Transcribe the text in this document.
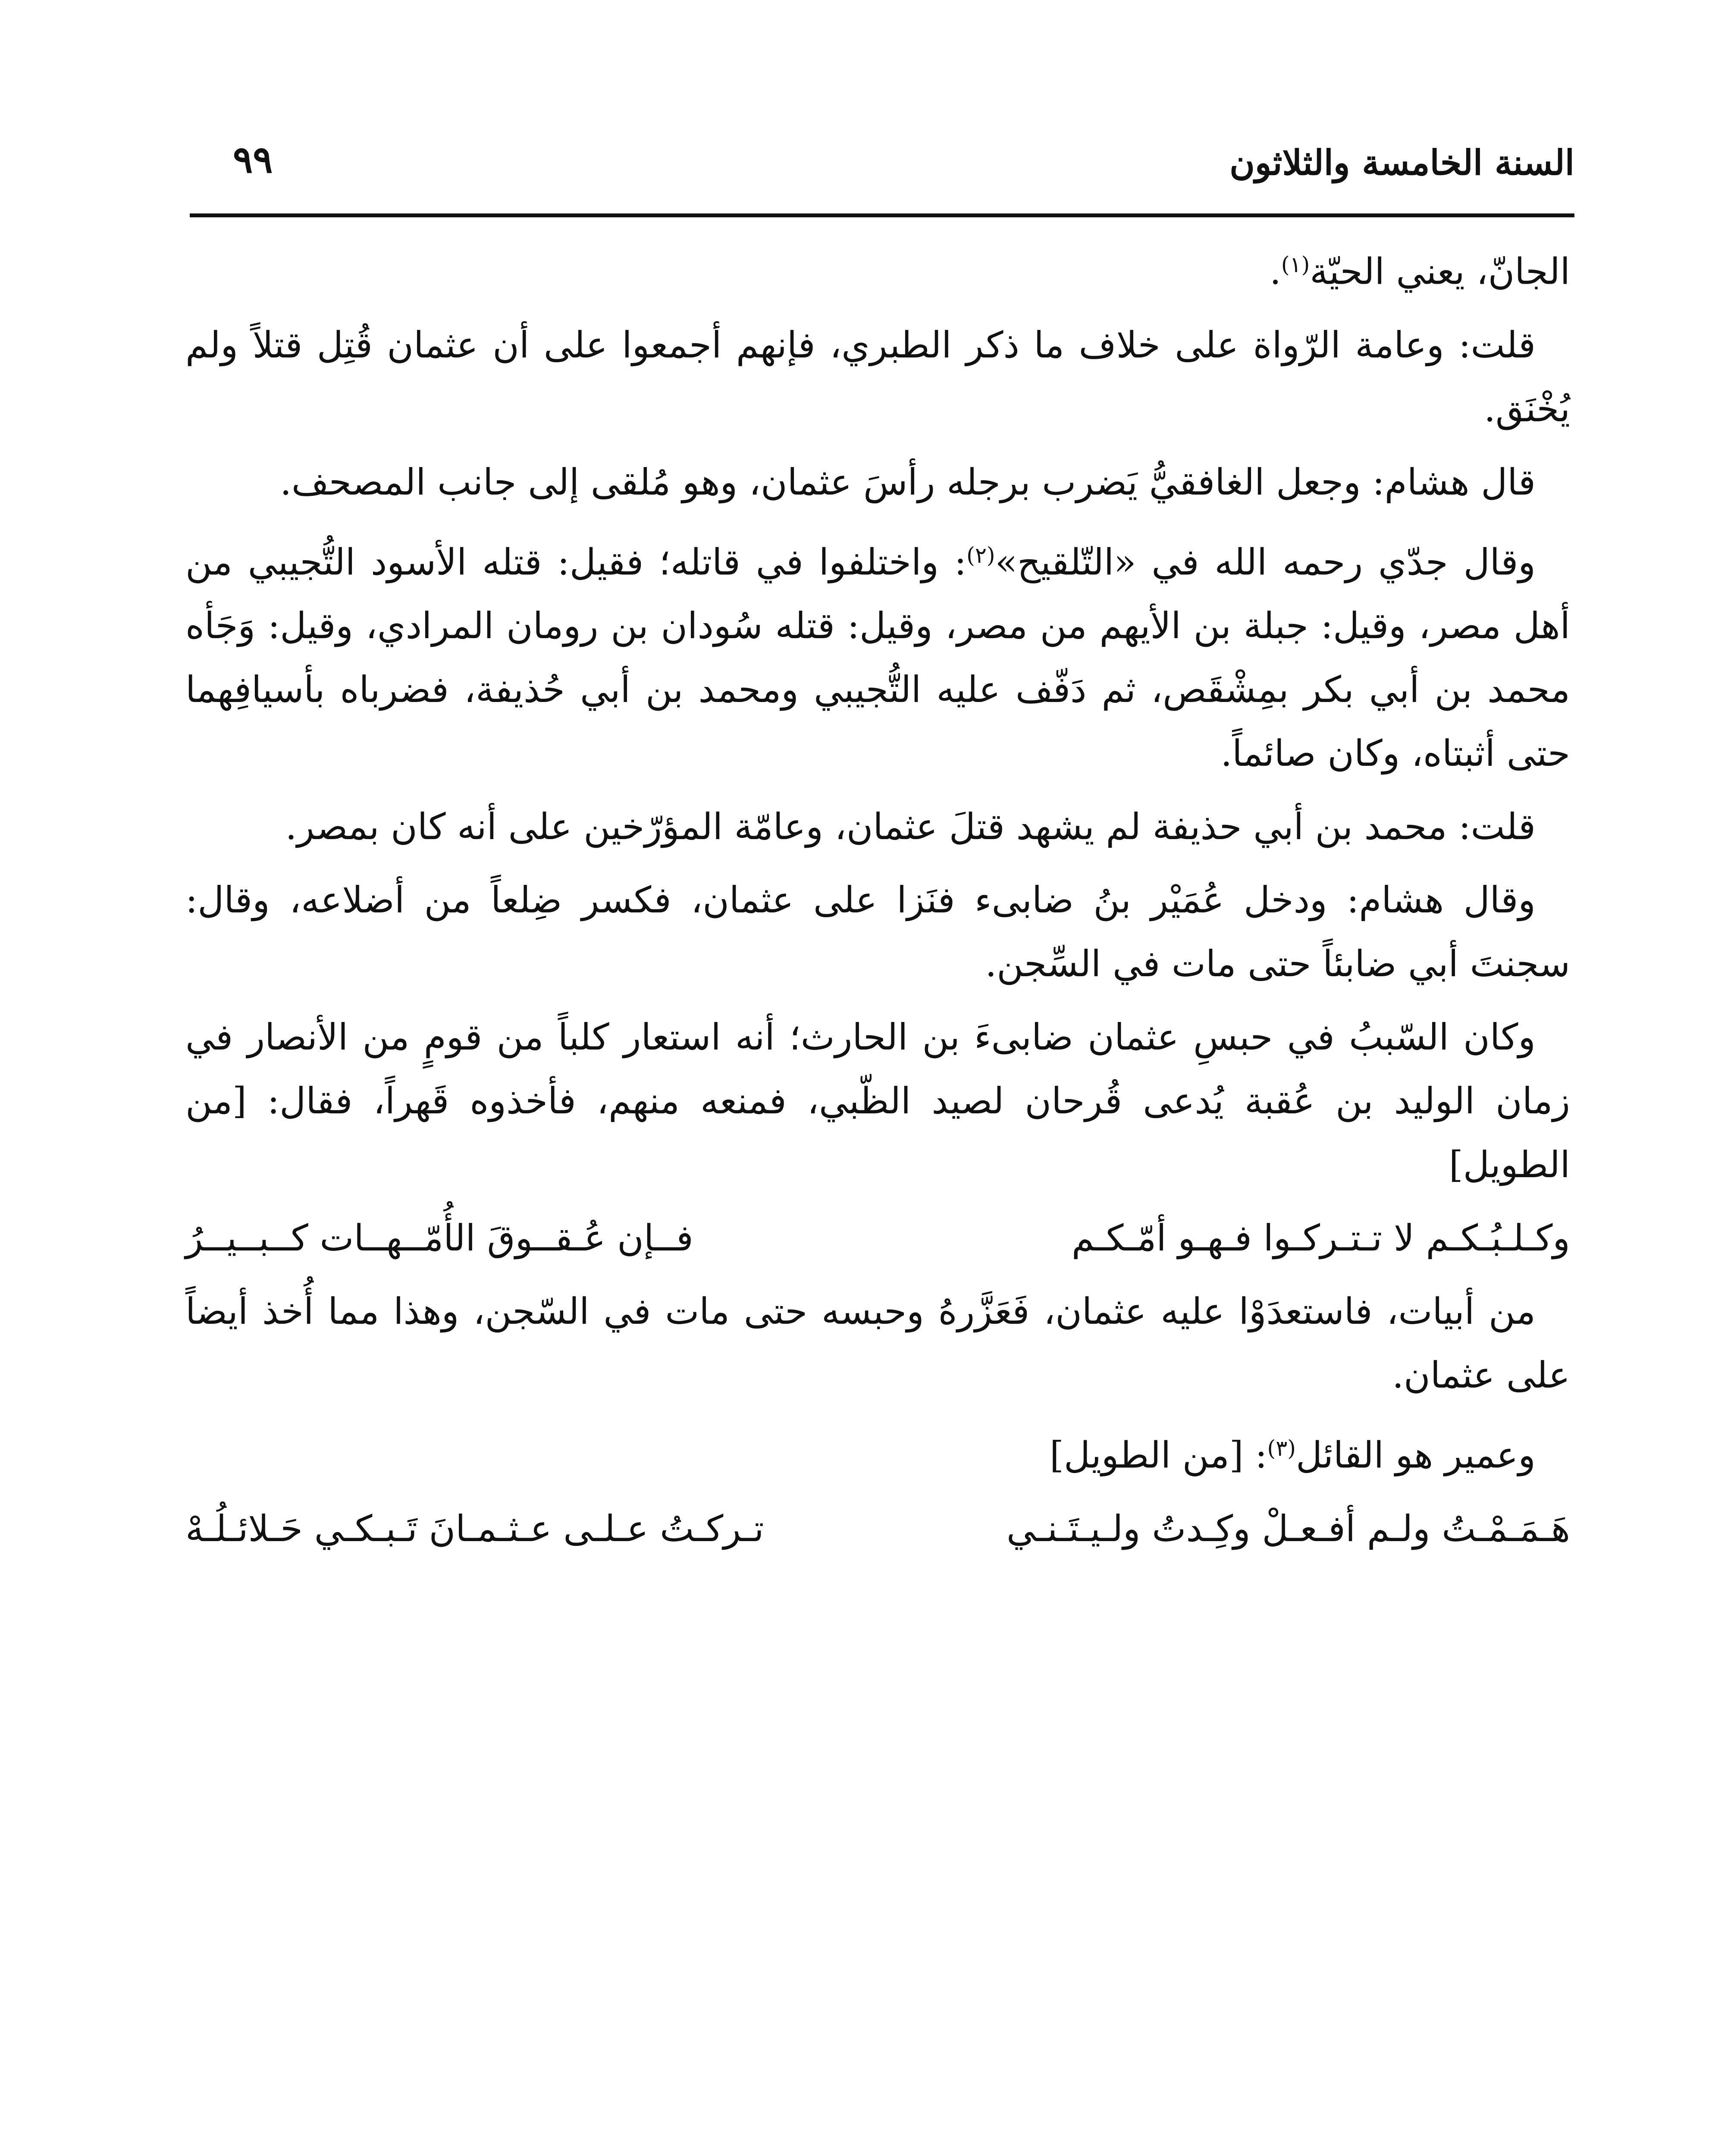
السنة الخامسة والثلاثون
٩٩

الجانّ، يعني الحيّة$^{(١)}$.

قلت: وعامة الرّواة على خلاف ما ذكر الطبري، فإنهم أجمعوا على أن عثمان قُتِل قتلاً ولم يُخْنَق.

قال هشام: وجعل الغافقيُّ يَضرب برجله رأسَ عثمان، وهو مُلقى إلى جانب المصحف.

وقال جدّي رحمه الله في «التّلقيح»$^{(٢)}$: واختلفوا في قاتله؛ فقيل: قتله الأسود التُّجيبي من أهل مصر، وقيل: جبلة بن الأيهم من مصر، وقيل: قتله سُودان بن رومان المرادي، وقيل: وَجَأه محمد بن أبي بكر بمِشْقَص، ثم دَفّف عليه التُّجيبي ومحمد بن أبي حُذيفة، فضرباه بأسيافِهما حتى أثبتاه، وكان صائماً.

قلت: محمد بن أبي حذيفة لم يشهد قتلَ عثمان، وعامّة المؤرّخين على أنه كان بمصر.

وقال هشام: ودخل عُمَيْر بنُ ضابىء فنَزا على عثمان، فكسر ضِلعاً من أضلاعه، وقال: سجنتَ أبي ضابئاً حتى مات في السِّجن.

وكان السّببُ في حبسِ عثمان ضابىءَ بن الحارث؛ أنه استعار كلباً من قومٍ من الأنصار في زمان الوليد بن عُقبة يُدعى قُرحان لصيد الظّبي، فمنعه منهم، فأخذوه قَهراً، فقال: [من الطويل]

وكـلـبُـكـم لا تـتـركـوا فـهـو أمّـكـم
فــإن عُـقــوقَ الأُمّــهــات كــبــيــرُ

من أبيات، فاستعدَوْا عليه عثمان، فَعَزَّرهُ وحبسه حتى مات في السّجن، وهذا مما أُخذ أيضاً على عثمان.

وعمير هو القائل$^{(٣)}$: [من الطويل]

هَـمَـمْـتُ ولـم أفـعـلْ وكِـدتُ ولـيـتَـنـي
تـركـتُ عـلـى عـثـمـانَ تَـبـكـي حَـلائـلُـهْ
